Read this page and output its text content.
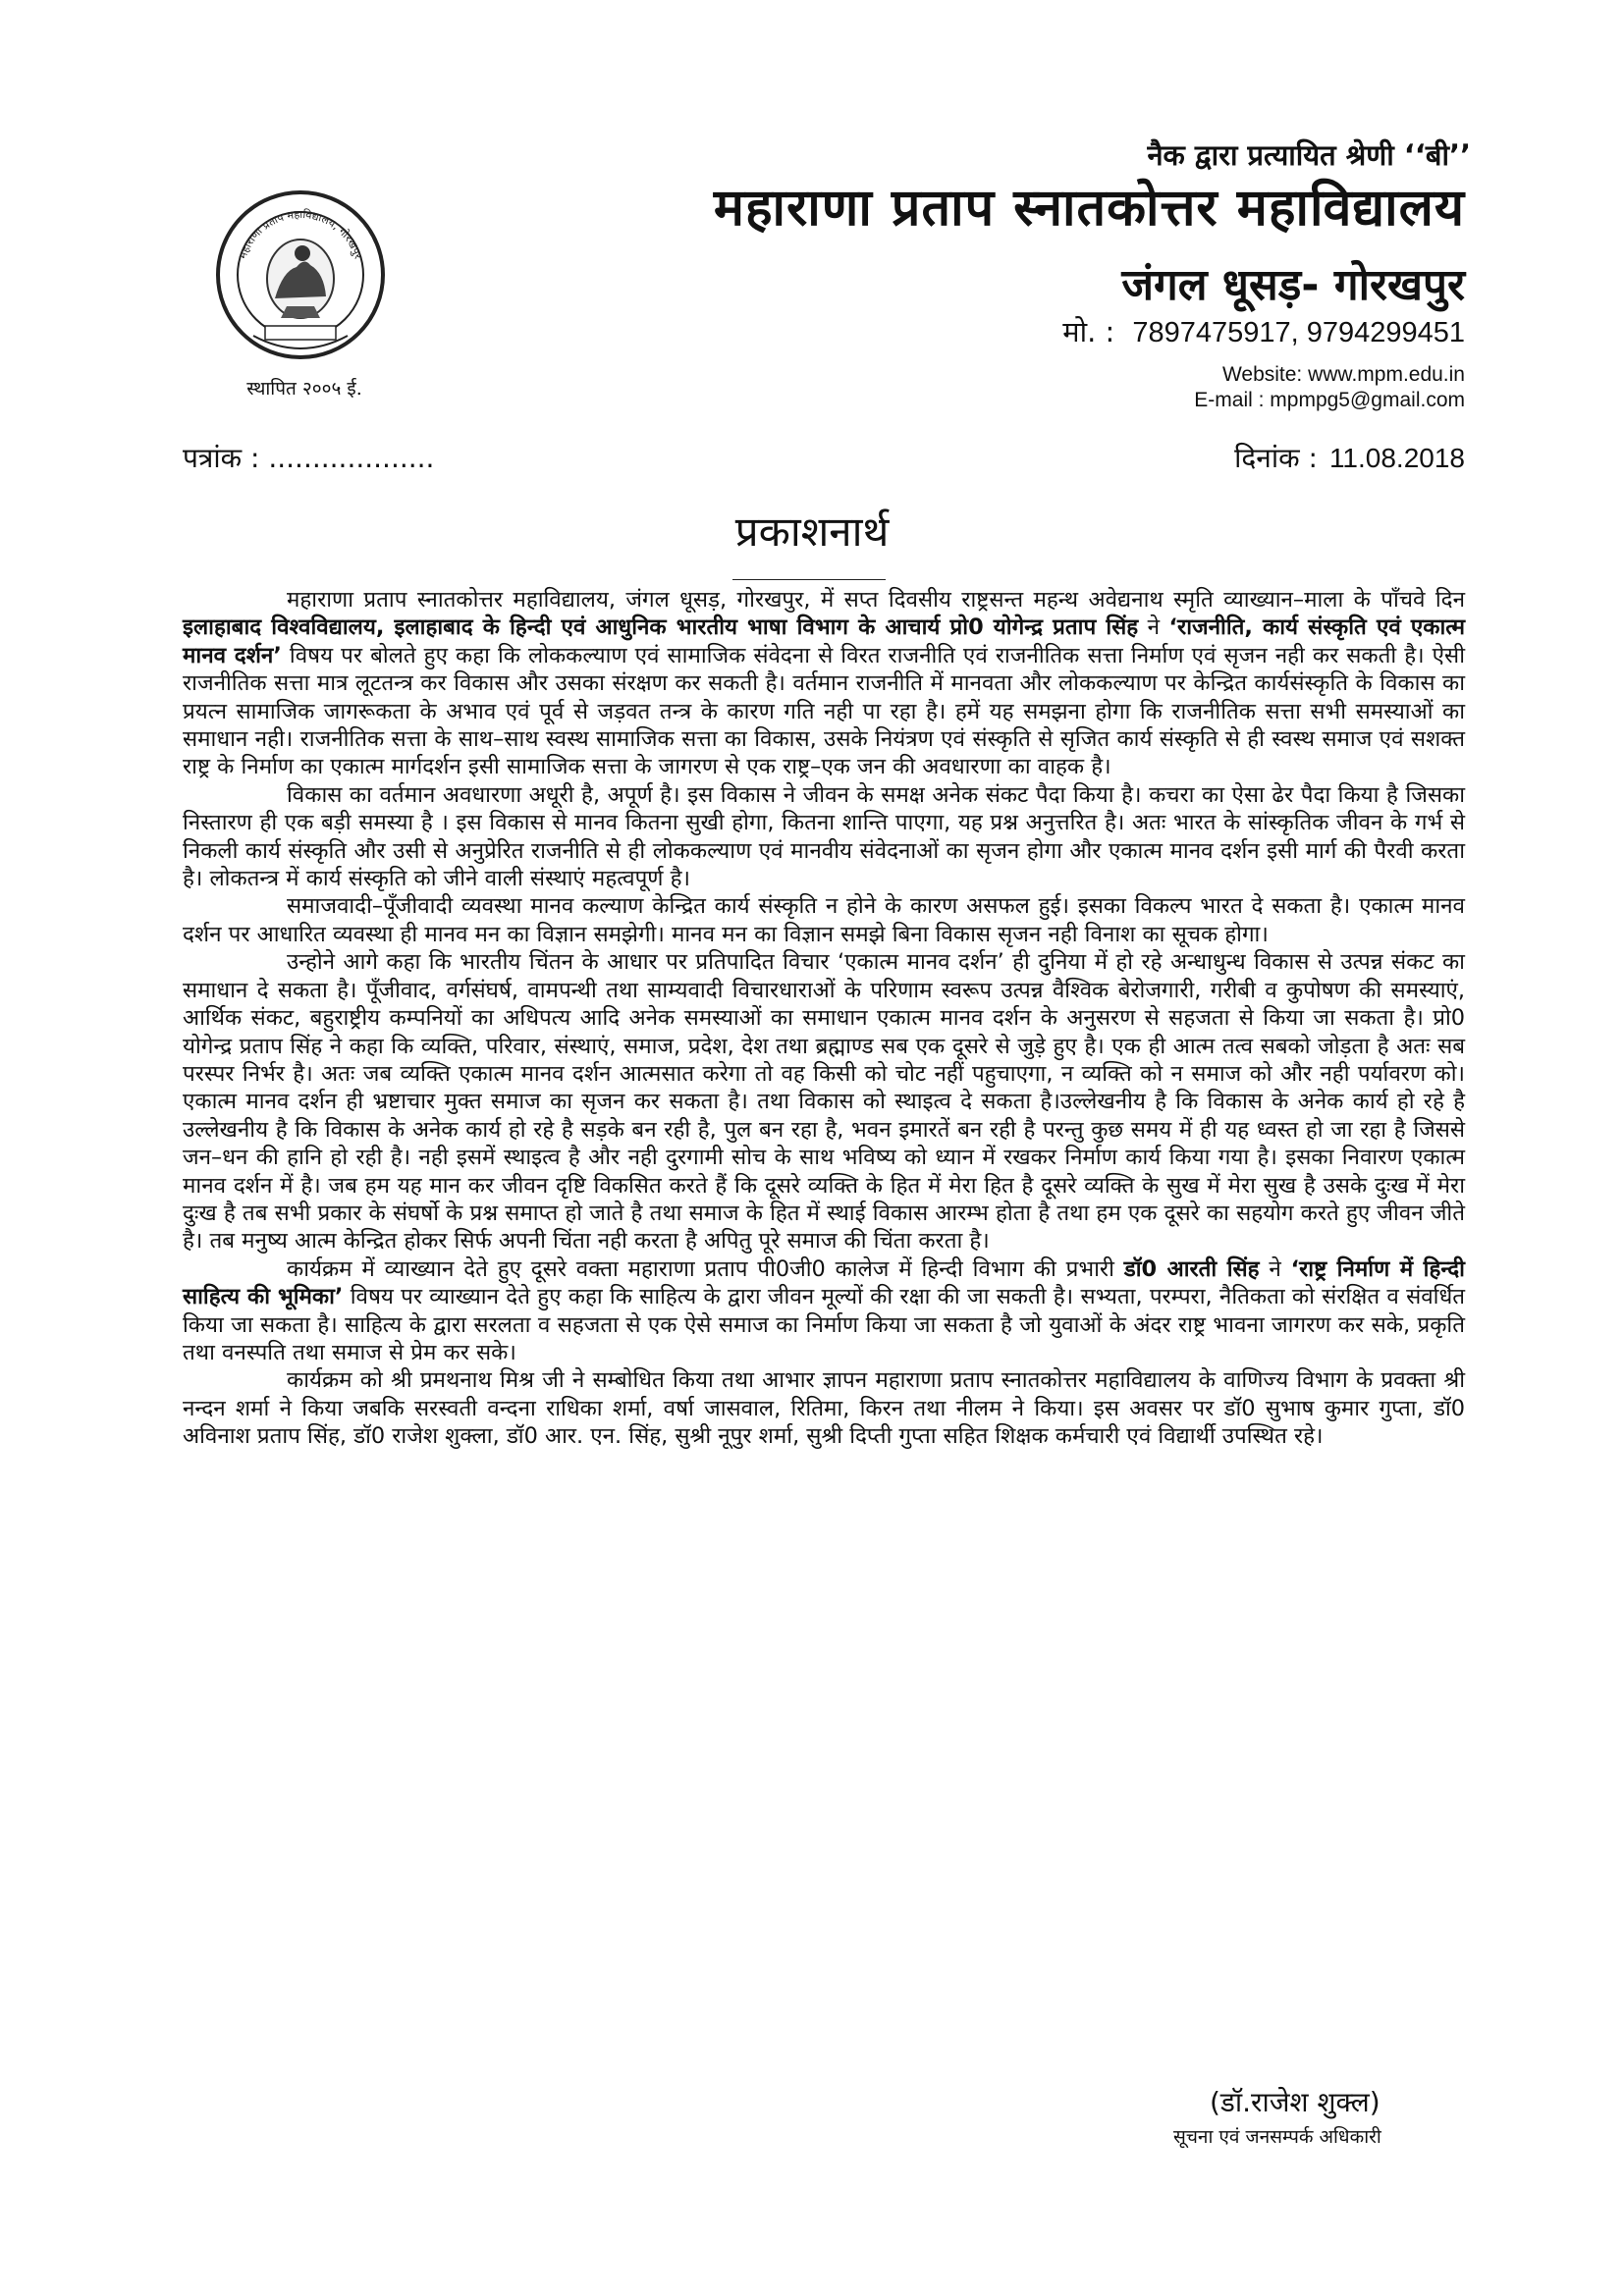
महाराणा प्रताप महाविद्यालय, गोरखपुर
स्थापित २००५ ई.
नैक द्वारा प्रत्यायित श्रेणी ‘‘बी’’
महाराणा प्रताप स्नातकोत्तर महाविद्यालय
जंगल धूसड़- गोरखपुर
मो. : 7897475917, 9794299451
Website: www.mpm.edu.in
E-mail : mpmpg5@gmail.com
पत्रांक : ...................	दिनांक : 11.08.2018
प्रकाशनार्थ

महाराणा प्रताप स्नातकोत्तर महाविद्यालय, जंगल धूसड़, गोरखपुर, में सप्त दिवसीय राष्ट्रसन्त महन्थ अवेद्यनाथ स्मृति व्याख्यान–माला के पाँचवे दिन इलाहाबाद विश्वविद्यालय, इलाहाबाद के हिन्दी एवं आधुनिक भारतीय भाषा विभाग के आचार्य प्रो0 योगेन्द्र प्रताप सिंह ने ‘राजनीति, कार्य संस्कृति एवं एकात्म मानव दर्शन’ विषय पर बोलते हुए कहा कि लोककल्याण एवं सामाजिक संवेदना से विरत राजनीति एवं राजनीतिक सत्ता निर्माण एवं सृजन नही कर सकती है। ऐसी राजनीतिक सत्ता मात्र लूटतन्त्र कर विकास और उसका संरक्षण कर सकती है। वर्तमान राजनीति में मानवता और लोककल्याण पर केन्द्रित कार्यसंस्कृति के विकास का प्रयत्न सामाजिक जागरूकता के अभाव एवं पूर्व से जड़वत तन्त्र के कारण गति नही पा रहा है। हमें यह समझना होगा कि राजनीतिक सत्ता सभी समस्याओं का समाधान नही। राजनीतिक सत्ता के साथ–साथ स्वस्थ सामाजिक सत्ता का विकास, उसके नियंत्रण एवं संस्कृति से सृजित कार्य संस्कृति से ही स्वस्थ समाज एवं सशक्त राष्ट्र के निर्माण का एकात्म मार्गदर्शन इसी सामाजिक सत्ता के जागरण से एक राष्ट्र–एक जन की अवधारणा का वाहक है।

विकास का वर्तमान अवधारणा अधूरी है, अपूर्ण है। इस विकास ने जीवन के समक्ष अनेक संकट पैदा किया है। कचरा का ऐसा ढेर पैदा किया है जिसका निस्तारण ही एक बड़ी समस्या है । इस विकास से मानव कितना सुखी होगा, कितना शान्ति पाएगा, यह प्रश्न अनुत्तरित है। अतः भारत के सांस्कृतिक जीवन के गर्भ से निकली कार्य संस्कृति और उसी से अनुप्रेरित राजनीति से ही लोककल्याण एवं मानवीय संवेदनाओं का सृजन होगा और एकात्म मानव दर्शन इसी मार्ग की पैरवी करता है। लोकतन्त्र में कार्य संस्कृति को जीने वाली संस्थाएं महत्वपूर्ण है।

समाजवादी–पूँजीवादी व्यवस्था मानव कल्याण केन्द्रित कार्य संस्कृति न होने के कारण असफल हुई। इसका विकल्प भारत दे सकता है। एकात्म मानव दर्शन पर आधारित व्यवस्था ही मानव मन का विज्ञान समझेगी। मानव मन का विज्ञान समझे बिना विकास सृजन नही विनाश का सूचक होगा।

उन्होने आगे कहा कि भारतीय चिंतन के आधार पर प्रतिपादित विचार ‘एकात्म मानव दर्शन’ ही दुनिया में हो रहे अन्धाधुन्ध विकास से उत्पन्न संकट का समाधान दे सकता है। पूँजीवाद, वर्गसंघर्ष, वामपन्थी तथा साम्यवादी विचारधाराओं के परिणाम स्वरूप उत्पन्न वैश्विक बेरोजगारी, गरीबी व कुपोषण की समस्याएं, आर्थिक संकट, बहुराष्ट्रीय कम्पनियों का अधिपत्य आदि अनेक समस्याओं का समाधान एकात्म मानव दर्शन के अनुसरण से सहजता से किया जा सकता है। प्रो0 योगेन्द्र प्रताप सिंह ने कहा कि व्यक्ति, परिवार, संस्थाएं, समाज, प्रदेश, देश तथा ब्रह्माण्ड सब एक दूसरे से जुड़े हुए है। एक ही आत्म तत्व सबको जोड़ता है अतः सब परस्पर निर्भर है। अतः जब व्यक्ति एकात्म मानव दर्शन आत्मसात करेगा तो वह किसी को चोट नहीं पहुचाएगा, न व्यक्ति को न समाज को और नही पर्यावरण को। एकात्म मानव दर्शन ही भ्रष्टाचार मुक्त समाज का सृजन कर सकता है। तथा विकास को स्थाइत्व दे सकता है।उल्लेखनीय है कि विकास के अनेक कार्य हो रहे है उल्लेखनीय है कि विकास के अनेक कार्य हो रहे है सड़के बन रही है, पुल बन रहा है, भवन इमारतें बन रही है परन्तु कुछ समय में ही यह ध्वस्त हो जा रहा है जिससे जन–धन की हानि हो रही है। नही इसमें स्थाइत्व है और नही दुरगामी सोच के साथ भविष्य को ध्यान में रखकर निर्माण कार्य किया गया है। इसका निवारण एकात्म मानव दर्शन में है। जब हम यह मान कर जीवन दृष्टि विकसित करते हैं कि दूसरे व्यक्ति के हित में मेरा हित है दूसरे व्यक्ति के सुख में मेरा सुख है उसके दुःख में मेरा दुःख है तब सभी प्रकार के संघर्षो के प्रश्न समाप्त हो जाते है तथा समाज के हित में स्थाई विकास आरम्भ होता है तथा हम एक दूसरे का सहयोग करते हुए जीवन जीते है। तब मनुष्य आत्म केन्द्रित होकर सिर्फ अपनी चिंता नही करता है अपितु पूरे समाज की चिंता करता है।

कार्यक्रम में व्याख्यान देते हुए दूसरे वक्ता महाराणा प्रताप पी0जी0 कालेज में हिन्दी विभाग की प्रभारी डॉ0 आरती सिंह ने ‘राष्ट्र निर्माण में हिन्दी साहित्य की भूमिका’ विषय पर व्याख्यान देते हुए कहा कि साहित्य के द्वारा जीवन मूल्यों की रक्षा की जा सकती है। सभ्यता, परम्परा, नैतिकता को संरक्षित व संवर्धित किया जा सकता है। साहित्य के द्वारा सरलता व सहजता से एक ऐसे समाज का निर्माण किया जा सकता है जो युवाओं के अंदर राष्ट्र भावना जागरण कर सके, प्रकृति तथा वनस्पति तथा समाज से प्रेम कर सके।

कार्यक्रम को श्री प्रमथनाथ मिश्र जी ने सम्बोधित किया तथा आभार ज्ञापन महाराणा प्रताप स्नातकोत्तर महाविद्यालय के वाणिज्य विभाग के प्रवक्ता श्री नन्दन शर्मा ने किया जबकि सरस्वती वन्दना राधिका शर्मा, वर्षा जासवाल, रितिमा, किरन तथा नीलम ने किया। इस अवसर पर डॉ0 सुभाष कुमार गुप्ता, डॉ0 अविनाश प्रताप सिंह, डॉ0 राजेश शुक्ला, डॉ0 आर. एन. सिंह, सुश्री नूपुर शर्मा, सुश्री दिप्ती गुप्ता सहित शिक्षक कर्मचारी एवं विद्यार्थी उपस्थित रहे।

(डॉ.राजेश शुक्ल)
सूचना एवं जनसम्पर्क अधिकारी
